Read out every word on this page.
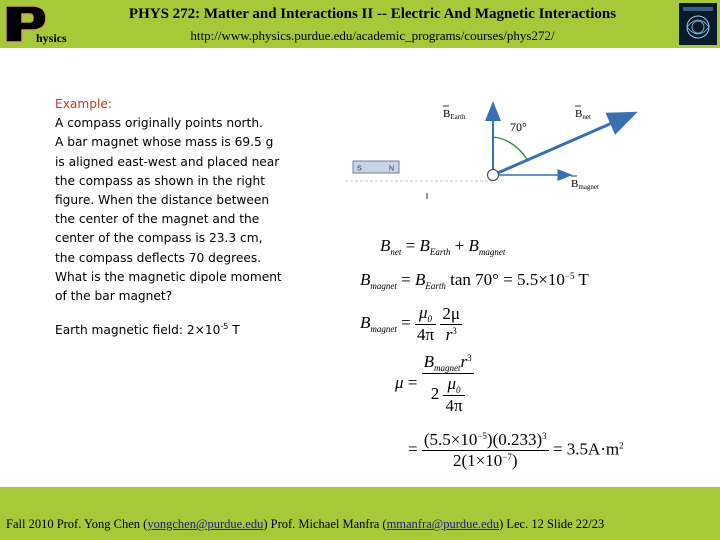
hysics
PHYS 272: Matter and Interactions II -- Electric And Magnetic Interactions
http://www.physics.purdue.edu/academic_programs/courses/phys272/
Example:
A compass originally points north.
A bar magnet whose mass is 69.5 g
is aligned east-west and placed near
the compass as shown in the right
figure. When the distance between
the center of the magnet and the
center of the compass is 23.3 cm,
the compass deflects 70 degrees.
What is the magnetic dipole moment
of the bar magnet?
Earth magnetic field: $2\times 10^{-5}$ T
S	N
BEarth
70°
Bnet
Bmagnet
$B_{net} = B_{Earth} + B_{magnet}$
$B_{magnet} = B_{Earth}$ $\tan 70^\circ = 5.5\times 10^{-5}$ T
$B_{magnet} = \frac{\mu_0}{4\pi}$
$\frac{2\mu}{r^3}$
$\mu = \frac{B_{magnet}r^3}{2 \frac{\mu_0}{4\pi}}$
= $\frac{(5.5\times 10^{-5})(0.233)^3}{2(1\times 10^{-7})} = 3.5A\cdot m^2$
Fall 2010 Prof. Yong Chen (yongchen@purdue.edu) Prof. Michael Manfra (mmanfra@purdue.edu) Lec. 12 Slide 22/23
